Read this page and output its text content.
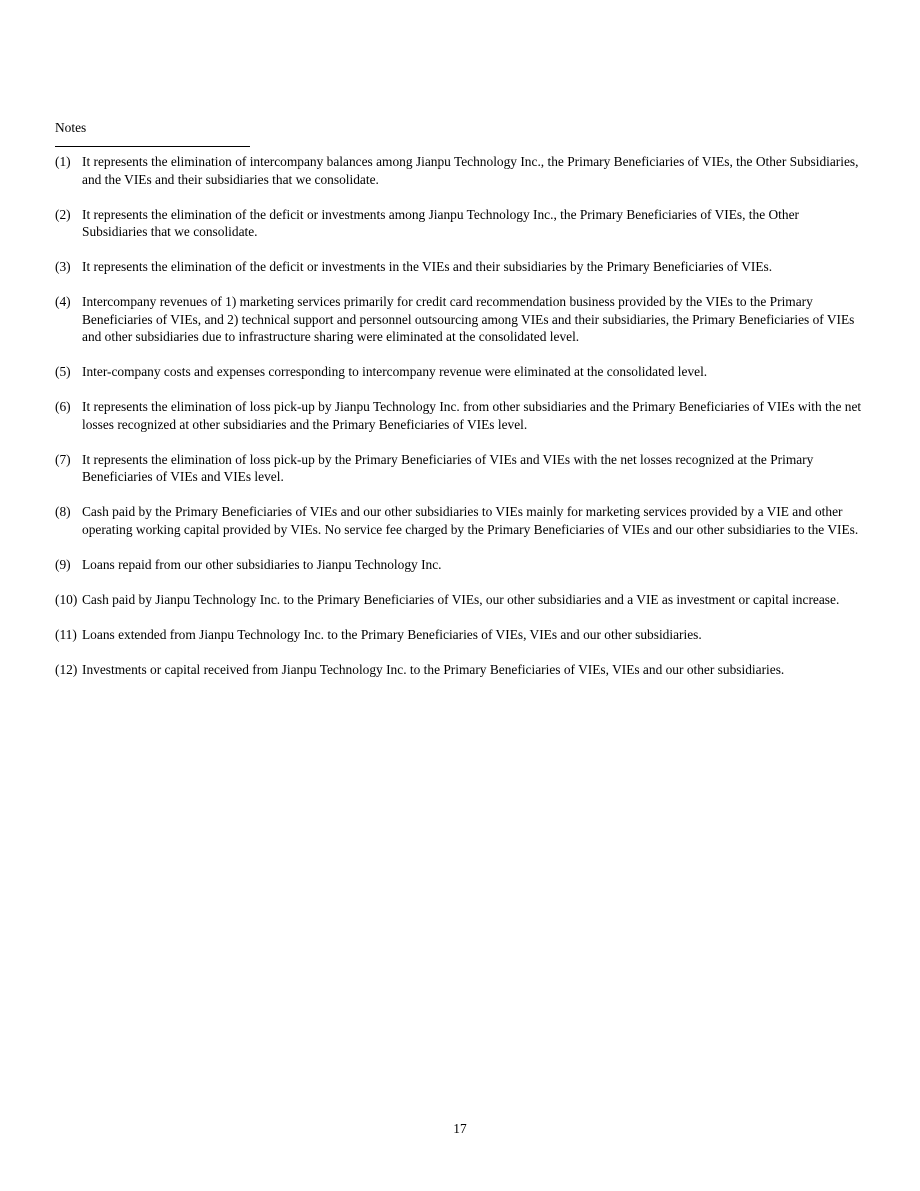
Notes
(1) It represents the elimination of intercompany balances among Jianpu Technology Inc., the Primary Beneficiaries of VIEs, the Other Subsidiaries, and the VIEs and their subsidiaries that we consolidate.
(2) It represents the elimination of the deficit or investments among Jianpu Technology Inc., the Primary Beneficiaries of VIEs, the Other Subsidiaries that we consolidate.
(3) It represents the elimination of the deficit or investments in the VIEs and their subsidiaries by the Primary Beneficiaries of VIEs.
(4) Intercompany revenues of 1) marketing services primarily for credit card recommendation business provided by the VIEs to the Primary Beneficiaries of VIEs, and 2) technical support and personnel outsourcing among VIEs and their subsidiaries, the Primary Beneficiaries of VIEs and other subsidiaries due to infrastructure sharing were eliminated at the consolidated level.
(5) Inter-company costs and expenses corresponding to intercompany revenue were eliminated at the consolidated level.
(6) It represents the elimination of loss pick-up by Jianpu Technology Inc. from other subsidiaries and the Primary Beneficiaries of VIEs with the net losses recognized at other subsidiaries and the Primary Beneficiaries of VIEs level.
(7) It represents the elimination of loss pick-up by the Primary Beneficiaries of VIEs and VIEs with the net losses recognized at the Primary Beneficiaries of VIEs and VIEs level.
(8) Cash paid by the Primary Beneficiaries of VIEs and our other subsidiaries to VIEs mainly for marketing services provided by a VIE and other operating working capital provided by VIEs. No service fee charged by the Primary Beneficiaries of VIEs and our other subsidiaries to the VIEs.
(9) Loans repaid from our other subsidiaries to Jianpu Technology Inc.
(10) Cash paid by Jianpu Technology Inc. to the Primary Beneficiaries of VIEs, our other subsidiaries and a VIE as investment or capital increase.
(11) Loans extended from Jianpu Technology Inc. to the Primary Beneficiaries of VIEs, VIEs and our other subsidiaries.
(12) Investments or capital received from Jianpu Technology Inc. to the Primary Beneficiaries of VIEs, VIEs and our other subsidiaries.
17
